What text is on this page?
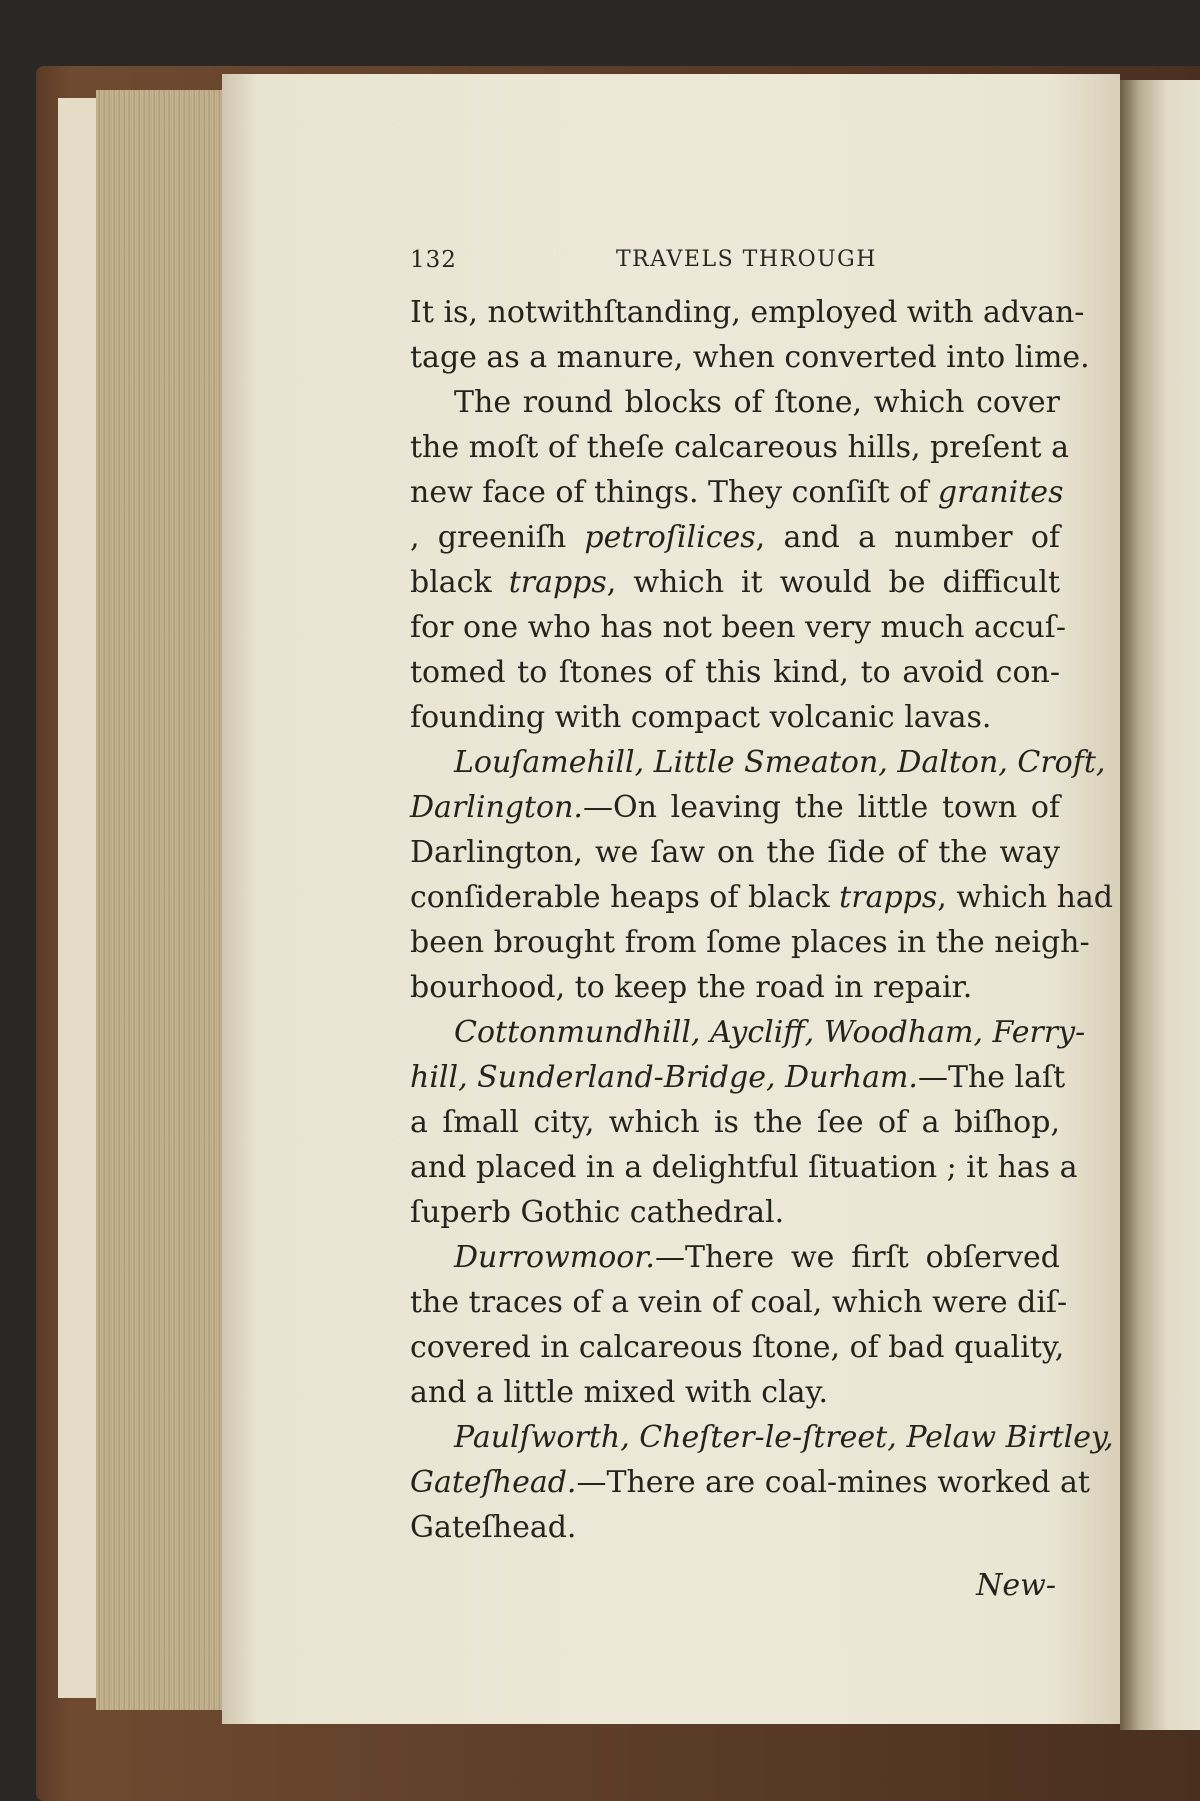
132	TRAVELS THROUGH
It is, notwithſtanding, employed with advan-
tage as a manure, when converted into lime.
The round blocks of ſtone, which cover
the moſt of theſe calcareous hills, preſent a
new face of things. They conſiſt of granites
, greeniſh petroſilices, and a number of
black trapps, which it would be difficult
for one who has not been very much accuſ-
tomed to ſtones of this kind, to avoid con-
founding with compact volcanic lavas.
Louſamehill, Little Smeaton, Dalton, Croft,
Darlington.—On leaving the little town of
Darlington, we ſaw on the ſide of the way
conſiderable heaps of black trapps, which had
been brought from ſome places in the neigh-
bourhood, to keep the road in repair.
Cottonmundhill, Aycliff, Woodham, Ferry-
hill, Sunderland-Bridge, Durham.—The laſt
a ſmall city, which is the ſee of a biſhop,
and placed in a delightful ſituation ; it has a
ſuperb Gothic cathedral.
Durrowmoor.—There we firſt obſerved
the traces of a vein of coal, which were diſ-
covered in calcareous ſtone, of bad quality,
and a little mixed with clay.
Paulſworth, Cheſter-le-ſtreet, Pelaw Birtley,
Gateſhead.—There are coal-mines worked at
Gateſhead.
New-
